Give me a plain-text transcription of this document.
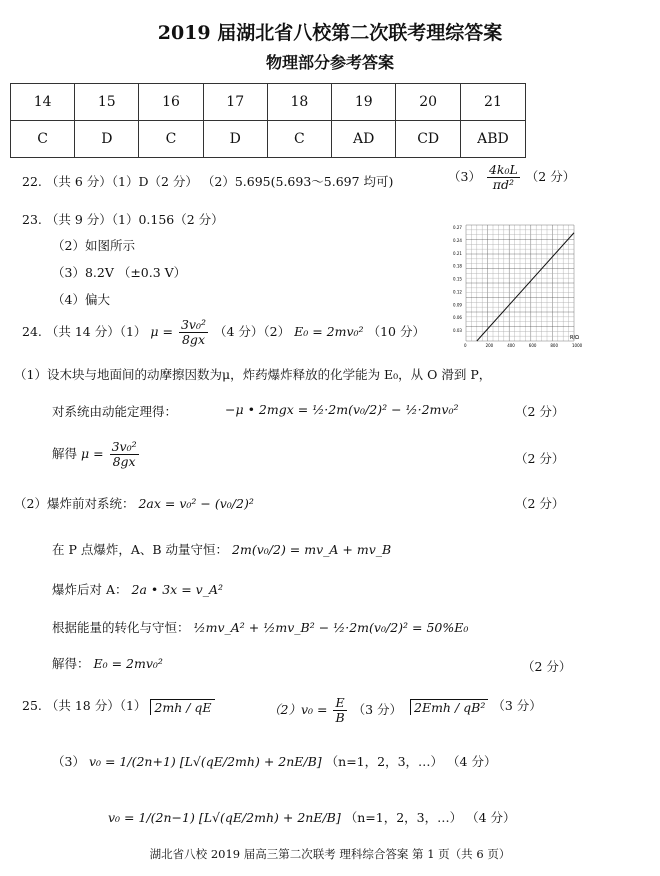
2019 届湖北省八校第二次联考理综答案
物理部分参考答案
14	15	16	17	18	19	20	21
C	D	C	D	C	AD	CD	ABD
22. （共 6 分）（1）D（2 分） （2）5.695(5.693～5.697 均可)	$(3) \frac{\text{4k₀L}}{\text{πd²}} (2$ 分）
23. （共 9 分）（1）0.156（2 分）
（2）如图所示
（3）8.2V （±0.3 V）
（4）偏大
0.27
0.24
0.21
0.18
0.15
0.12
0.09
0.06
0.03
0	200	400	600	800	1000
R/Ω
24. （共 14 分）（1） $\mu = \frac{\text{3v₀²}}{8gx} (4$ 分）（2） E₀ = 2mv₀² （10 分）
（1）设木块与地面间的动摩擦因数为μ，炸药爆炸释放的化学能为 E₀，从 O 滑到 P，
对系统由动能定理得：	−μ • 2mgx = ½·2m(v₀/2)² − ½·2mv₀²	（2 分）
解得 $\mu = \frac{\text{3v₀²}}{8gx}$	（2 分）
（2）爆炸前对系统： 2ax = v₀² − (v₀/2)²	（2 分）
在 P 点爆炸，A、B 动量守恒： 2m(v₀/2) = mv_A + mv_B
爆炸后对 A： 2a • 3x = v_A²
根据能量的转化与守恒： ½mv_A² + ½mv_B² − ½·2m(v₀/2)² = 50%E₀
解得： E₀ = 2mv₀²	（2 分）
25. （共 18 分）（1） 2mh / qE	$(2)v_0 = \frac{E}{B} (3$ 分） 2Emh / qB² （3 分）
（3） v₀ = 1/(2n+1) [L√(qE/2mh) + 2nE/B] （n=1，2，3，…） （4 分）
v₀ = 1/(2n−1) [L√(qE/2mh) + 2nE/B] （n=1，2，3，…） （4 分）
湖北省八校 2019 届高三第二次联考 理科综合答案 第 1 页（共 6 页）
